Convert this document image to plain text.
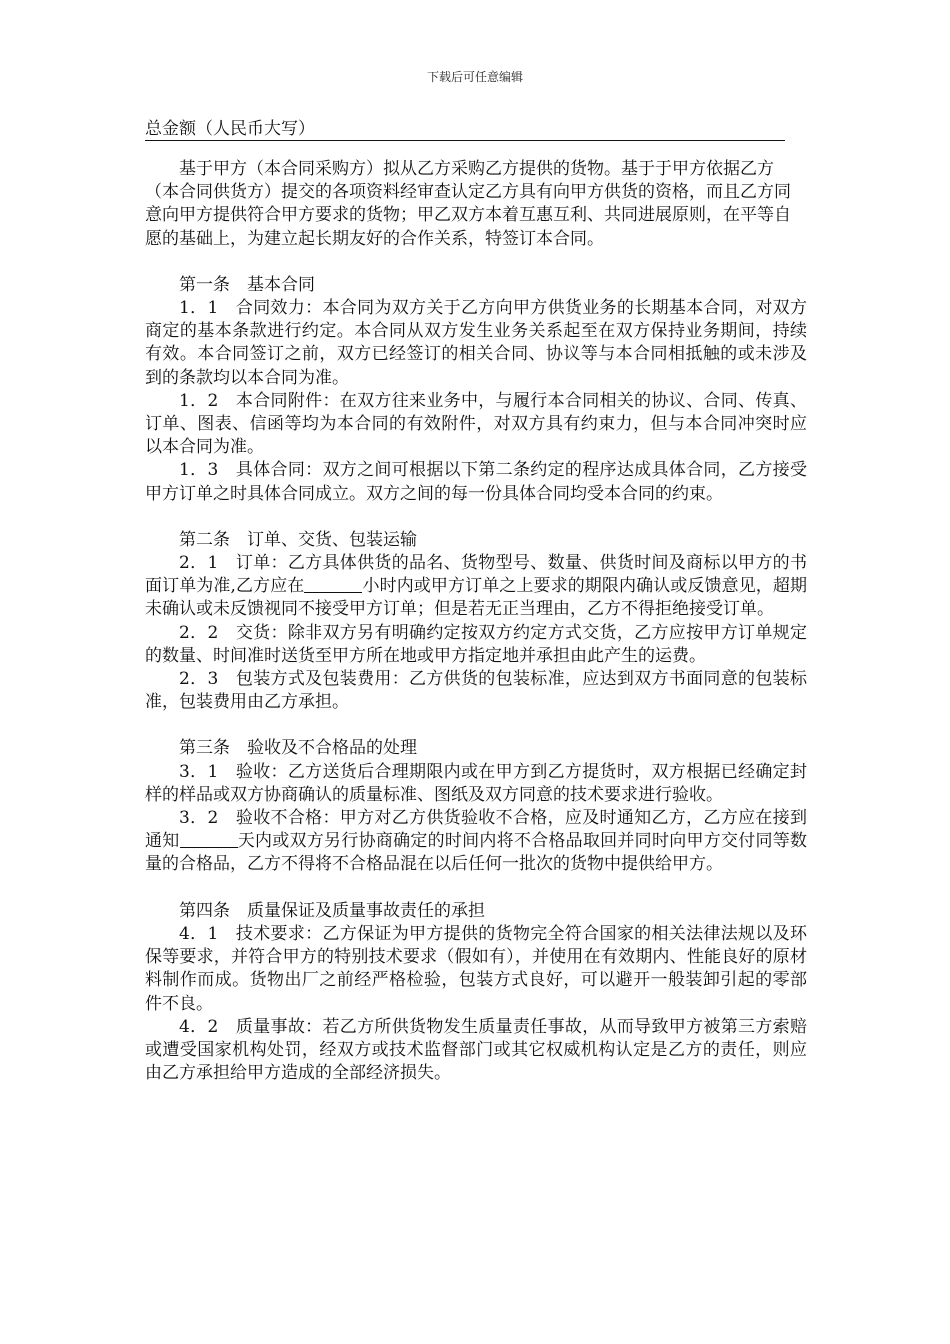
下载后可任意编辑
总金额（人民币大写）

基于甲方（本合同采购方）拟从乙方采购乙方提供的货物。基于于甲方依据乙方（本合同供货方）提交的各项资料经审查认定乙方具有向甲方供货的资格，而且乙方同意向甲方提供符合甲方要求的货物；甲乙双方本着互惠互利、共同进展原则，在平等自愿的基础上，为建立起长期友好的合作关系，特签订本合同。

第一条　基本合同

1．1　合同效力：本合同为双方关于乙方向甲方供货业务的长期基本合同，对双方商定的基本条款进行约定。本合同从双方发生业务关系起至在双方保持业务期间，持续有效。本合同签订之前，双方已经签订的相关合同、协议等与本合同相抵触的或未涉及到的条款均以本合同为准。

1．2　本合同附件：在双方往来业务中，与履行本合同相关的协议、合同、传真、订单、图表、信函等均为本合同的有效附件，对双方具有约束力，但与本合同冲突时应以本合同为准。

1．3　具体合同：双方之间可根据以下第二条约定的程序达成具体合同，乙方接受甲方订单之时具体合同成立。双方之间的每一份具体合同均受本合同的约束。

第二条　订单、交货、包装运输

2．1　订单：乙方具体供货的品名、货物型号、数量、供货时间及商标以甲方的书面订单为准,乙方应在	小时内或甲方订单之上要求的期限内确认或反馈意见，超期未确认或未反馈视同不接受甲方订单；但是若无正当理由，乙方不得拒绝接受订单。

2．2　交货：除非双方另有明确约定按双方约定方式交货，乙方应按甲方订单规定的数量、时间准时送货至甲方所在地或甲方指定地并承担由此产生的运费。

2．3　包装方式及包装费用：乙方供货的包装标准，应达到双方书面同意的包装标准，包装费用由乙方承担。

第三条　验收及不合格品的处理

3．1　验收：乙方送货后合理期限内或在甲方到乙方提货时，双方根据已经确定封样的样品或双方协商确认的质量标准、图纸及双方同意的技术要求进行验收。

3．2　验收不合格：甲方对乙方供货验收不合格，应及时通知乙方，乙方应在接到通知	天内或双方另行协商确定的时间内将不合格品取回并同时向甲方交付同等数量的合格品，乙方不得将不合格品混在以后任何一批次的货物中提供给甲方。

第四条　质量保证及质量事故责任的承担

4．1　技术要求：乙方保证为甲方提供的货物完全符合国家的相关法律法规以及环保等要求，并符合甲方的特别技术要求（假如有），并使用在有效期内、性能良好的原材料制作而成。货物出厂之前经严格检验，包装方式良好，可以避开一般装卸引起的零部件不良。

4．2　质量事故：若乙方所供货物发生质量责任事故，从而导致甲方被第三方索赔或遭受国家机构处罚，经双方或技术监督部门或其它权威机构认定是乙方的责任，则应由乙方承担给甲方造成的全部经济损失。
